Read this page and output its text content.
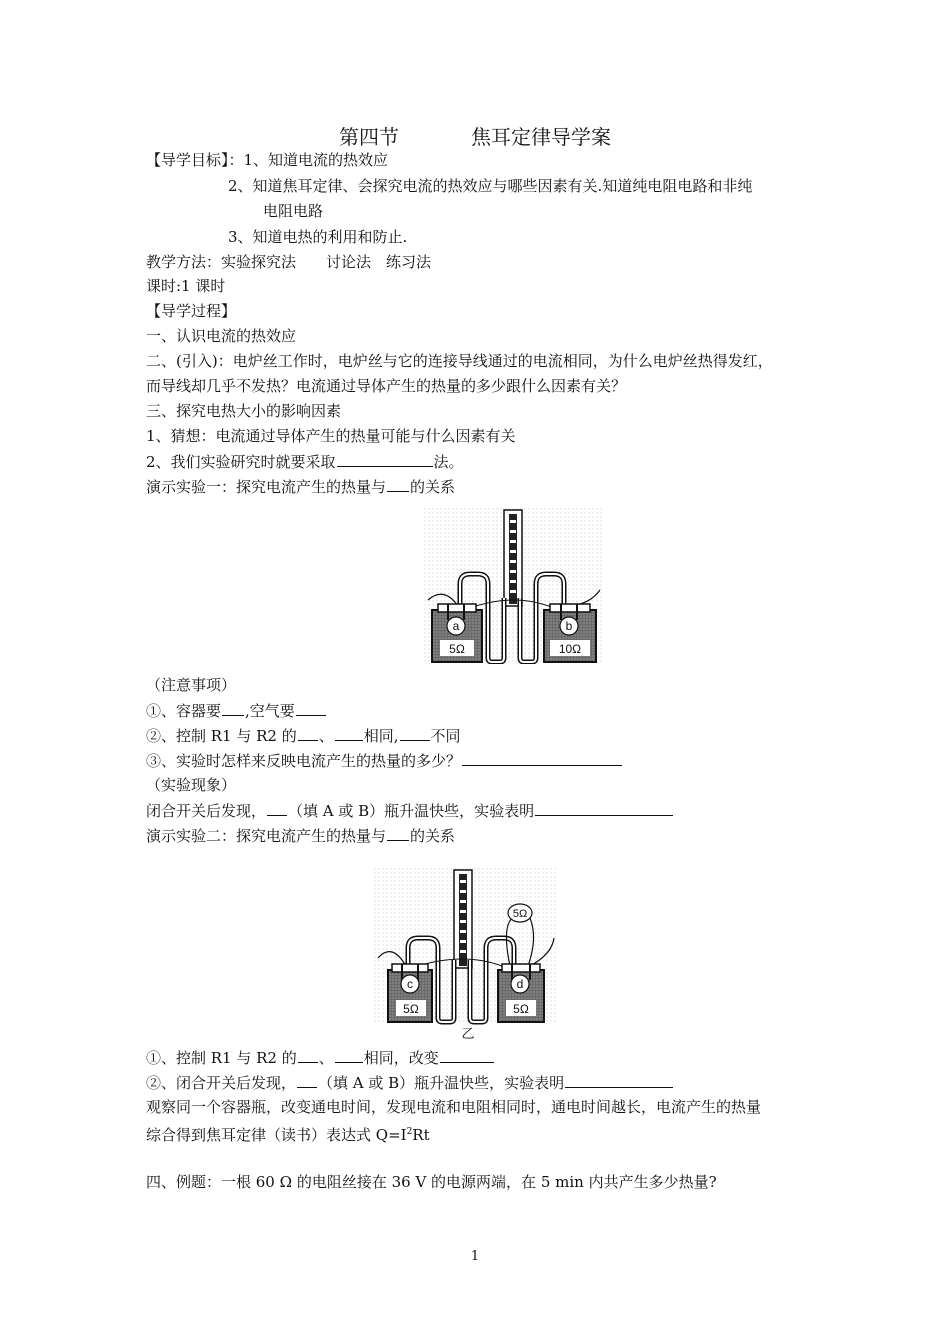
第四节	焦耳定律导学案
【导学目标】：1、知道电流的热效应
2、知道焦耳定律、会探究电流的热效应与哪些因素有关.知道纯电阻电路和非纯
电阻电路
3、知道电热的利用和防止.
教学方法：实验探究法　　讨论法　练习法
课时:1 课时
【导学过程】
一、认识电流的热效应
二、(引入)：电炉丝工作时，电炉丝与它的连接导线通过的电流相同，为什么电炉丝热得发红，
而导线却几乎不发热？电流通过导体产生的热量的多少跟什么因素有关？
三、探究电热大小的影响因素
1、猜想：电流通过导体产生的热量可能与什么因素有关
2、我们实验研究时就要采取	法。
演示实验一：探究电流产生的热量与 的关系
a
5Ω
b
10Ω
（注意事项）
①、容器要 ,空气要
②、控制 R1 与 R2 的 、 相同, 不同
③、实验时怎样来反映电流产生的热量的多少？
（实验现象）
闭合开关后发现， （填 A 或 B）瓶升温快些，实验表明
演示实验二：探究电流产生的热量与 的关系
5Ω
c
5Ω
d
5Ω
乙
①、控制 R1 与 R2 的 、 相同，改变
②、闭合开关后发现， （填 A 或 B）瓶升温快些，实验表明
观察同一个容器瓶，改变通电时间，发现电流和电阻相同时，通电时间越长，电流产生的热量
综合得到焦耳定律（读书）表达式 $Q=I^2Rt$
四、例题：一根 60 Ω 的电阻丝接在 36 V 的电源两端，在 5 min 内共产生多少热量?
1
